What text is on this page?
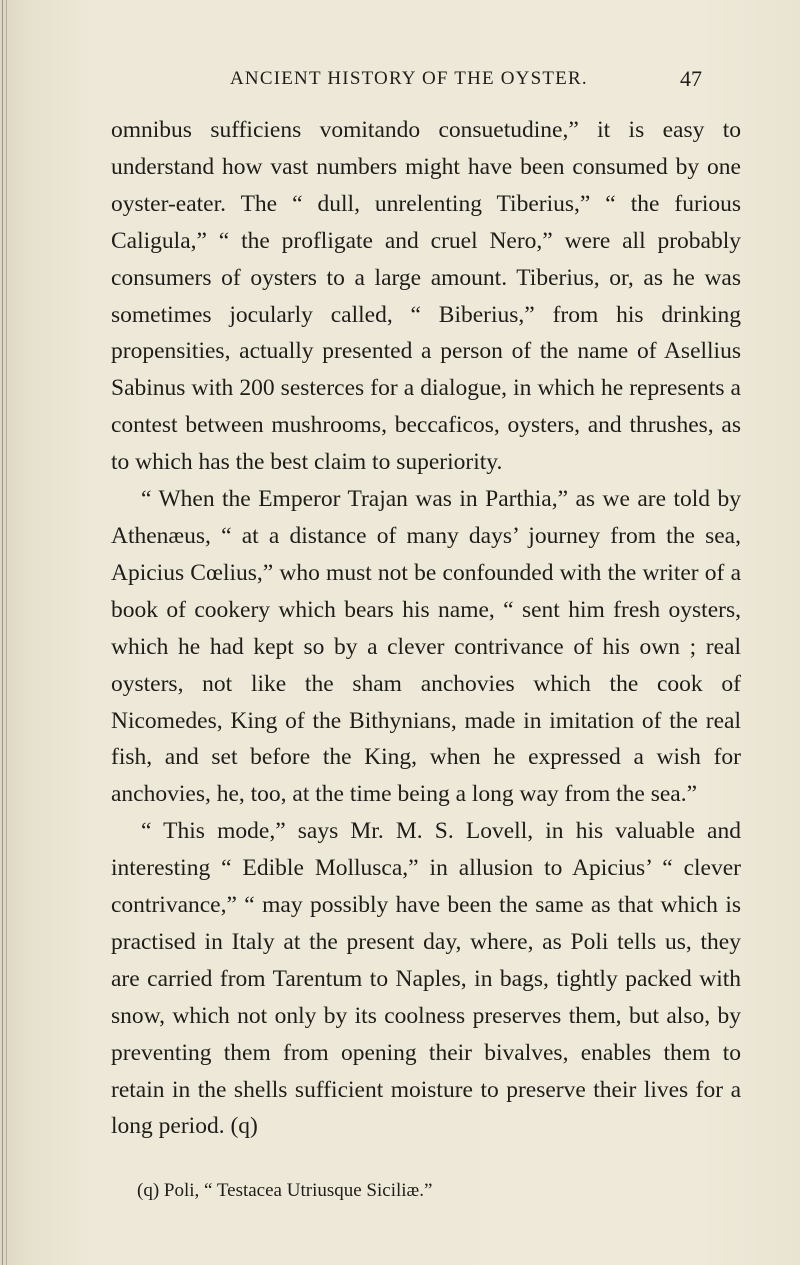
ANCIENT HISTORY OF THE OYSTER.	47

omnibus sufficiens vomitando consuetudine,” it is easy to understand how vast numbers might have been consumed by one oyster-eater. The “ dull, unrelenting Tiberius,” “ the furious Caligula,” “ the profligate and cruel Nero,” were all probably consumers of oysters to a large amount. Tiberius, or, as he was sometimes jocularly called, “ Biberius,” from his drinking propensities, actually presented a person of the name of Asellius Sabinus with 200 sesterces for a dialogue, in which he represents a contest between mushrooms, beccaficos, oysters, and thrushes, as to which has the best claim to superiority.

“ When the Emperor Trajan was in Parthia,” as we are told by Athenæus, “ at a distance of many days’ journey from the sea, Apicius Cœlius,” who must not be confounded with the writer of a book of cookery which bears his name, “ sent him fresh oysters, which he had kept so by a clever contrivance of his own ; real oysters, not like the sham anchovies which the cook of Nicomedes, King of the Bithynians, made in imitation of the real fish, and set before the King, when he expressed a wish for anchovies, he, too, at the time being a long way from the sea.”

“ This mode,” says Mr. M. S. Lovell, in his valuable and interesting “ Edible Mollusca,” in allusion to Apicius’ “ clever contrivance,” “ may possibly have been the same as that which is practised in Italy at the present day, where, as Poli tells us, they are carried from Tarentum to Naples, in bags, tightly packed with snow, which not only by its coolness preserves them, but also, by preventing them from opening their bivalves, enables them to retain in the shells sufficient moisture to preserve their lives for a long period. (q)

(q) Poli, “ Testacea Utriusque Siciliæ.”
